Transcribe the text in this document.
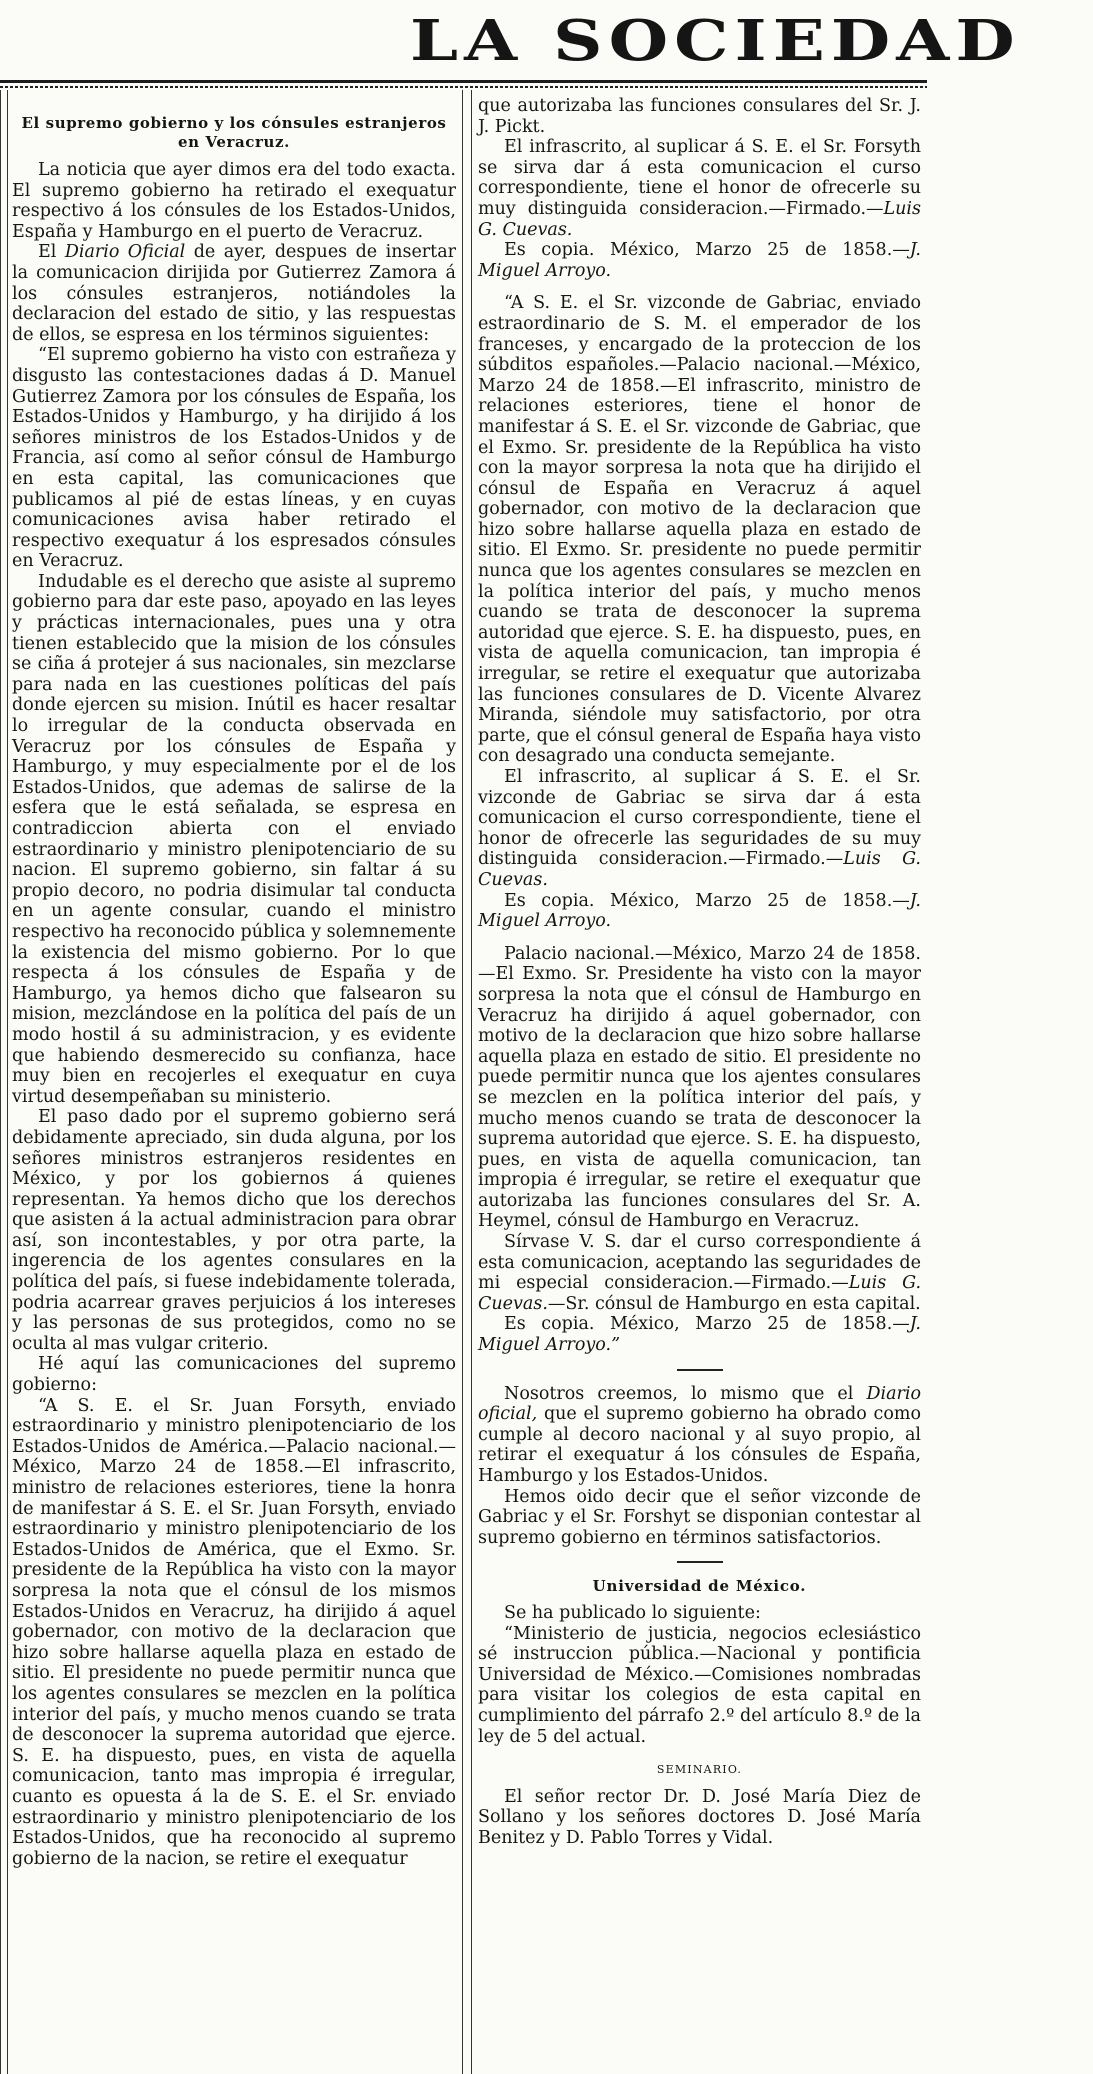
LA SOCIEDAD
El supremo gobierno y los cónsules estranjeros en Veracruz.

La noticia que ayer dimos era del todo exacta. El supremo gobierno ha retirado el exequatur respectivo á los cónsules de los Estados-Unidos, España y Hamburgo en el puerto de Veracruz.

El Diario Oficial de ayer, despues de insertar la comunicacion dirijida por Gutierrez Zamora á los cónsules estranjeros, notiándoles la declaracion del estado de sitio, y las respuestas de ellos, se espresa en los términos siguientes:

“El supremo gobierno ha visto con estrañeza y disgusto las contestaciones dadas á D. Manuel Gutierrez Zamora por los cónsules de España, los Estados-Unidos y Hamburgo, y ha dirijido á los señores ministros de los Estados-Unidos y de Francia, así como al señor cónsul de Hamburgo en esta capital, las comunicaciones que publicamos al pié de estas líneas, y en cuyas comunicaciones avisa haber retirado el respectivo exequatur á los espresados cónsules en Veracruz.

Indudable es el derecho que asiste al supremo gobierno para dar este paso, apoyado en las leyes y prácticas internacionales, pues una y otra tienen establecido que la mision de los cónsules se ciña á protejer á sus nacionales, sin mezclarse para nada en las cuestiones políticas del país donde ejercen su mision. Inútil es hacer resaltar lo irregular de la conducta observada en Veracruz por los cónsules de España y Hamburgo, y muy especialmente por el de los Estados-Unidos, que ademas de salirse de la esfera que le está señalada, se espresa en contradiccion abierta con el enviado estraordinario y ministro plenipotenciario de su nacion. El supremo gobierno, sin faltar á su propio decoro, no podria disimular tal conducta en un agente consular, cuando el ministro respectivo ha reconocido pública y solemnemente la existencia del mismo gobierno. Por lo que respecta á los cónsules de España y de Hamburgo, ya hemos dicho que falsearon su mision, mezclándose en la política del país de un modo hostil á su administracion, y es evidente que habiendo desmerecido su confianza, hace muy bien en recojerles el exequatur en cuya virtud desempeñaban su ministerio.

El paso dado por el supremo gobierno será debidamente apreciado, sin duda alguna, por los señores ministros estranjeros residentes en México, y por los gobiernos á quienes representan. Ya hemos dicho que los derechos que asisten á la actual administracion para obrar así, son incontestables, y por otra parte, la ingerencia de los agentes consulares en la política del país, si fuese indebidamente tolerada, podria acarrear graves perjuicios á los intereses y las personas de sus protegidos, como no se oculta al mas vulgar criterio.

Hé aquí las comunicaciones del supremo gobierno:

“A S. E. el Sr. Juan Forsyth, enviado estraordinario y ministro plenipotenciario de los Estados-Unidos de América.—Palacio nacional.—México, Marzo 24 de 1858.—El infrascrito, ministro de relaciones esteriores, tiene la honra de manifestar á S. E. el Sr. Juan Forsyth, enviado estraordinario y ministro plenipotenciario de los Estados-Unidos de América, que el Exmo. Sr. presidente de la República ha visto con la mayor sorpresa la nota que el cónsul de los mismos Estados-Unidos en Veracruz, ha dirijido á aquel gobernador, con motivo de la declaracion que hizo sobre hallarse aquella plaza en estado de sitio. El presidente no puede permitir nunca que los agentes consulares se mezclen en la política interior del país, y mucho menos cuando se trata de desconocer la suprema autoridad que ejerce. S. E. ha dispuesto, pues, en vista de aquella comunicacion, tanto mas impropia é irregular, cuanto es opuesta á la de S. E. el Sr. enviado estraordinario y ministro plenipotenciario de los Estados-Unidos, que ha reconocido al supremo gobierno de la nacion, se retire el exequatur

que autorizaba las funciones consulares del Sr. J. J. Pickt.

El infrascrito, al suplicar á S. E. el Sr. Forsyth se sirva dar á esta comunicacion el curso correspondiente, tiene el honor de ofrecerle su muy distinguida consideracion.—Firmado.—Luis G. Cuevas.

Es copia. México, Marzo 25 de 1858.—J. Miguel Arroyo.

“A S. E. el Sr. vizconde de Gabriac, enviado estraordinario de S. M. el emperador de los franceses, y encargado de la proteccion de los súbditos españoles.—Palacio nacional.—México, Marzo 24 de 1858.—El infrascrito, ministro de relaciones esteriores, tiene el honor de manifestar á S. E. el Sr. vizconde de Gabriac, que el Exmo. Sr. presidente de la República ha visto con la mayor sorpresa la nota que ha dirijido el cónsul de España en Veracruz á aquel gobernador, con motivo de la declaracion que hizo sobre hallarse aquella plaza en estado de sitio. El Exmo. Sr. presidente no puede permitir nunca que los agentes consulares se mezclen en la política interior del país, y mucho menos cuando se trata de desconocer la suprema autoridad que ejerce. S. E. ha dispuesto, pues, en vista de aquella comunicacion, tan impropia é irregular, se retire el exequatur que autorizaba las funciones consulares de D. Vicente Alvarez Miranda, siéndole muy satisfactorio, por otra parte, que el cónsul general de España haya visto con desagrado una conducta semejante.

El infrascrito, al suplicar á S. E. el Sr. vizconde de Gabriac se sirva dar á esta comunicacion el curso correspondiente, tiene el honor de ofrecerle las seguridades de su muy distinguida consideracion.—Firmado.—Luis G. Cuevas.

Es copia. México, Marzo 25 de 1858.—J. Miguel Arroyo.

Palacio nacional.—México, Marzo 24 de 1858.—El Exmo. Sr. Presidente ha visto con la mayor sorpresa la nota que el cónsul de Hamburgo en Veracruz ha dirijido á aquel gobernador, con motivo de la declaracion que hizo sobre hallarse aquella plaza en estado de sitio. El presidente no puede permitir nunca que los ajentes consulares se mezclen en la política interior del país, y mucho menos cuando se trata de desconocer la suprema autoridad que ejerce. S. E. ha dispuesto, pues, en vista de aquella comunicacion, tan impropia é irregular, se retire el exequatur que autorizaba las funciones consulares del Sr. A. Heymel, cónsul de Hamburgo en Veracruz.

Sírvase V. S. dar el curso correspondiente á esta comunicacion, aceptando las seguridades de mi especial consideracion.—Firmado.—Luis G. Cuevas.—Sr. cónsul de Hamburgo en esta capital.

Es copia. México, Marzo 25 de 1858.—J. Miguel Arroyo.”

Nosotros creemos, lo mismo que el Diario oficial, que el supremo gobierno ha obrado como cumple al decoro nacional y al suyo propio, al retirar el exequatur á los cónsules de España, Hamburgo y los Estados-Unidos.

Hemos oido decir que el señor vizconde de Gabriac y el Sr. Forshyt se disponian contestar al supremo gobierno en términos satisfactorios.

Universidad de México.

Se ha publicado lo siguiente:

“Ministerio de justicia, negocios eclesiástico sé instruccion pública.—Nacional y pontificia Universidad de México.—Comisiones nombradas para visitar los colegios de esta capital en cumplimiento del párrafo 2.º del artículo 8.º de la ley de 5 del actual.

SEMINARIO.

El señor rector Dr. D. José María Diez de Sollano y los señores doctores D. José María Benitez y D. Pablo Torres y Vidal.
